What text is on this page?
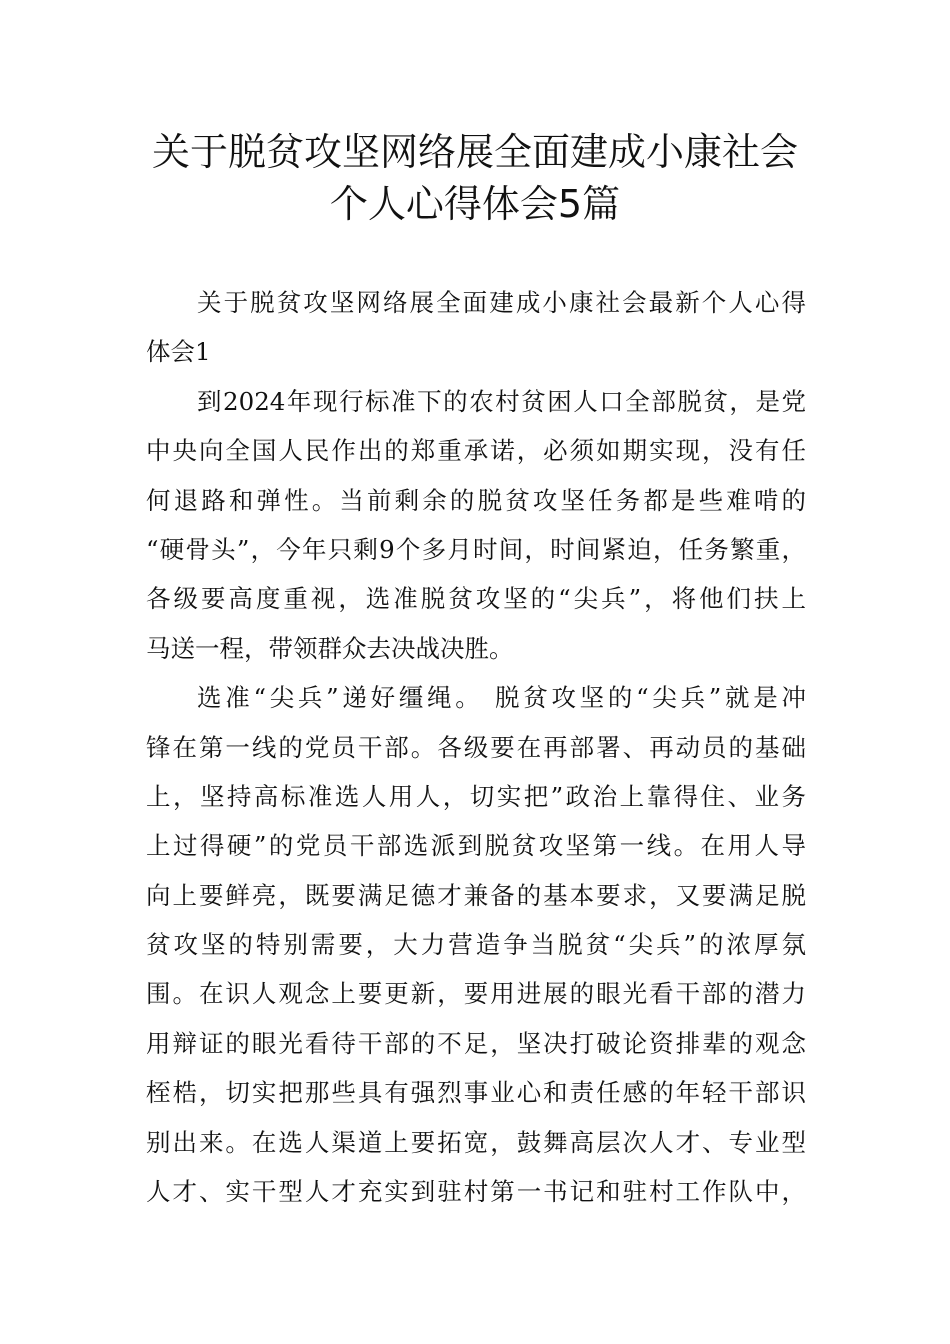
关于脱贫攻坚网络展全面建成小康社会
个人心得体会5篇
关于脱贫攻坚网络展全面建成小康社会最新个人心得
体会1
到2024年现行标准下的农村贫困人口全部脱贫，是党
中央向全国人民作出的郑重承诺，必须如期实现，没有任
何退路和弹性。当前剩余的脱贫攻坚任务都是些难啃的
“硬骨头”，今年只剩9个多月时间，时间紧迫，任务繁重，
各级要高度重视，选准脱贫攻坚的“尖兵”，将他们扶上
马送一程，带领群众去决战决胜。
选准“尖兵”递好缰绳。 脱贫攻坚的“尖兵”就是冲
锋在第一线的党员干部。各级要在再部署、再动员的基础
上，坚持高标准选人用人，切实把”政治上靠得住、业务
上过得硬”的党员干部选派到脱贫攻坚第一线。在用人导
向上要鲜亮，既要满足德才兼备的基本要求，又要满足脱
贫攻坚的特别需要，大力营造争当脱贫“尖兵”的浓厚氛
围。在识人观念上要更新，要用进展的眼光看干部的潜力
用辩证的眼光看待干部的不足，坚决打破论资排辈的观念
桎梏，切实把那些具有强烈事业心和责任感的年轻干部识
别出来。在选人渠道上要拓宽，鼓舞高层次人才、专业型
人才、实干型人才充实到驻村第一书记和驻村工作队中，
